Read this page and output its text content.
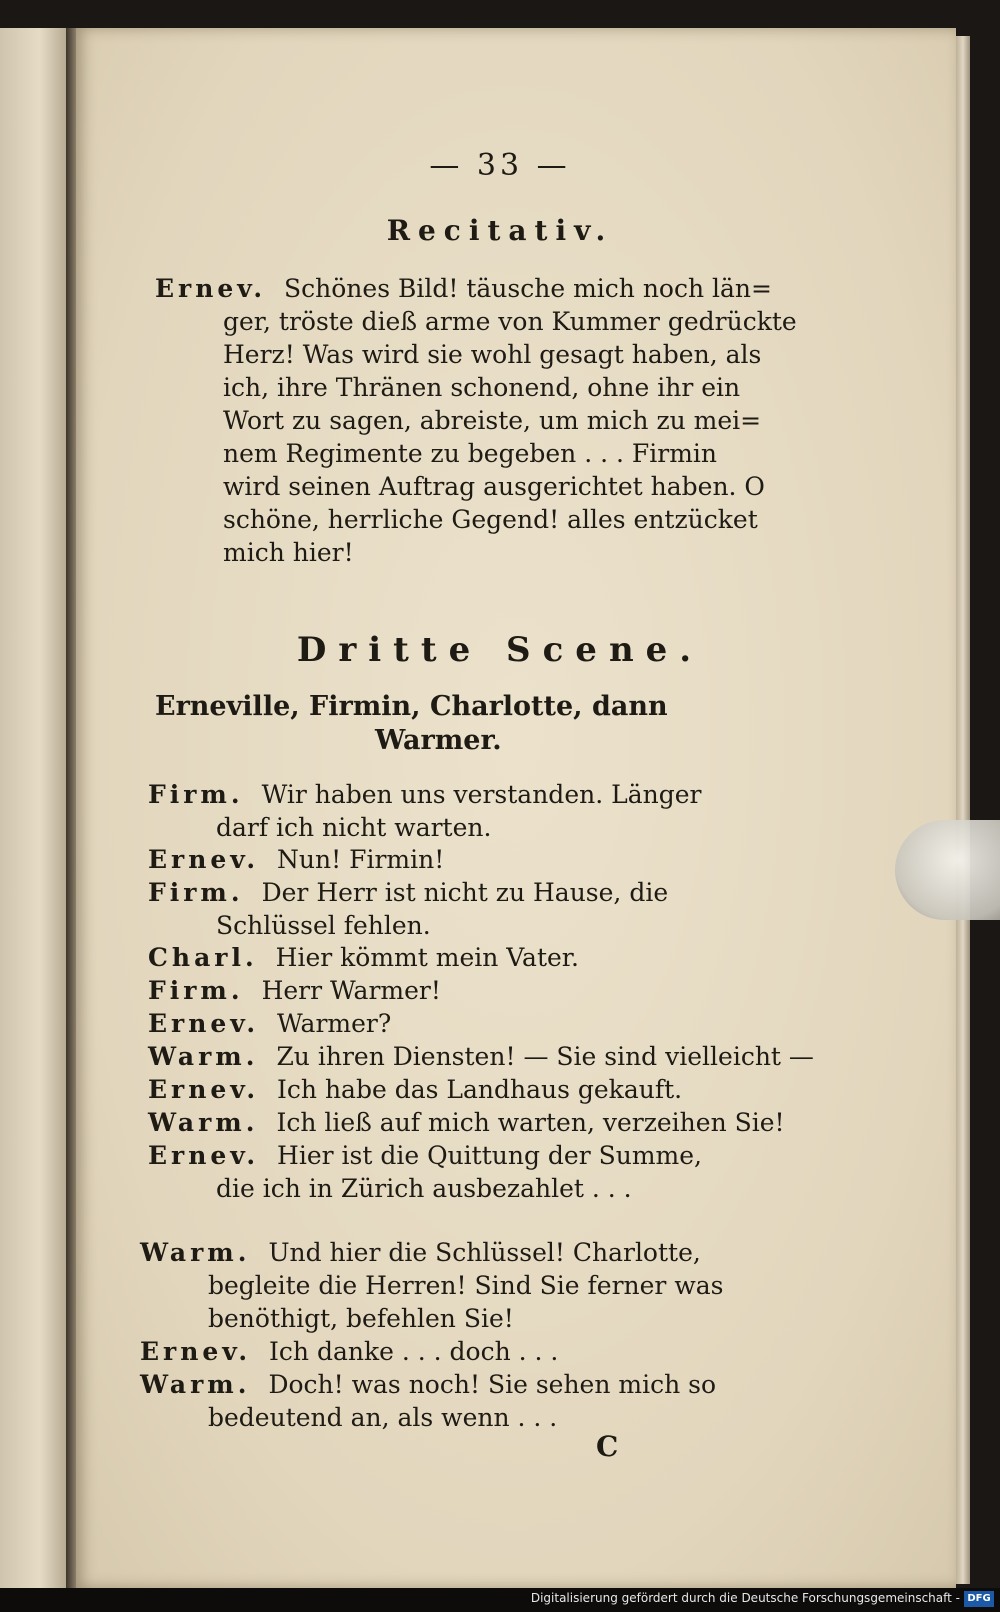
— 33 —
Recitativ.
Ernev. Schönes Bild! täusche mich noch län=
ger, tröste dieß arme von Kummer gedrückte
Herz! Was wird sie wohl gesagt haben, als
ich, ihre Thränen schonend, ohne ihr ein
Wort zu sagen, abreiste, um mich zu mei=
nem Regimente zu begeben . . . Firmin
wird seinen Auftrag ausgerichtet haben. O
schöne, herrliche Gegend! alles entzücket
mich hier!
Dritte Scene.
Erneville, Firmin, Charlotte, dann
Warmer.
Firm. Wir haben uns verstanden. Länger
darf ich nicht warten.
Ernev. Nun! Firmin!
Firm. Der Herr ist nicht zu Hause, die
Schlüssel fehlen.
Charl. Hier kömmt mein Vater.
Firm. Herr Warmer!
Ernev. Warmer?
Warm. Zu ihren Diensten! — Sie sind vielleicht —
Ernev. Ich habe das Landhaus gekauft.
Warm. Ich ließ auf mich warten, verzeihen Sie!
Ernev. Hier ist die Quittung der Summe,
die ich in Zürich ausbezahlet . . .
Warm. Und hier die Schlüssel! Charlotte,
begleite die Herren! Sind Sie ferner was
benöthigt, befehlen Sie!
Ernev. Ich danke . . . doch . . .
Warm. Doch! was noch! Sie sehen mich so
bedeutend an, als wenn . . .
C
Digitalisierung gefördert durch die Deutsche Forschungsgemeinschaft - DFG
